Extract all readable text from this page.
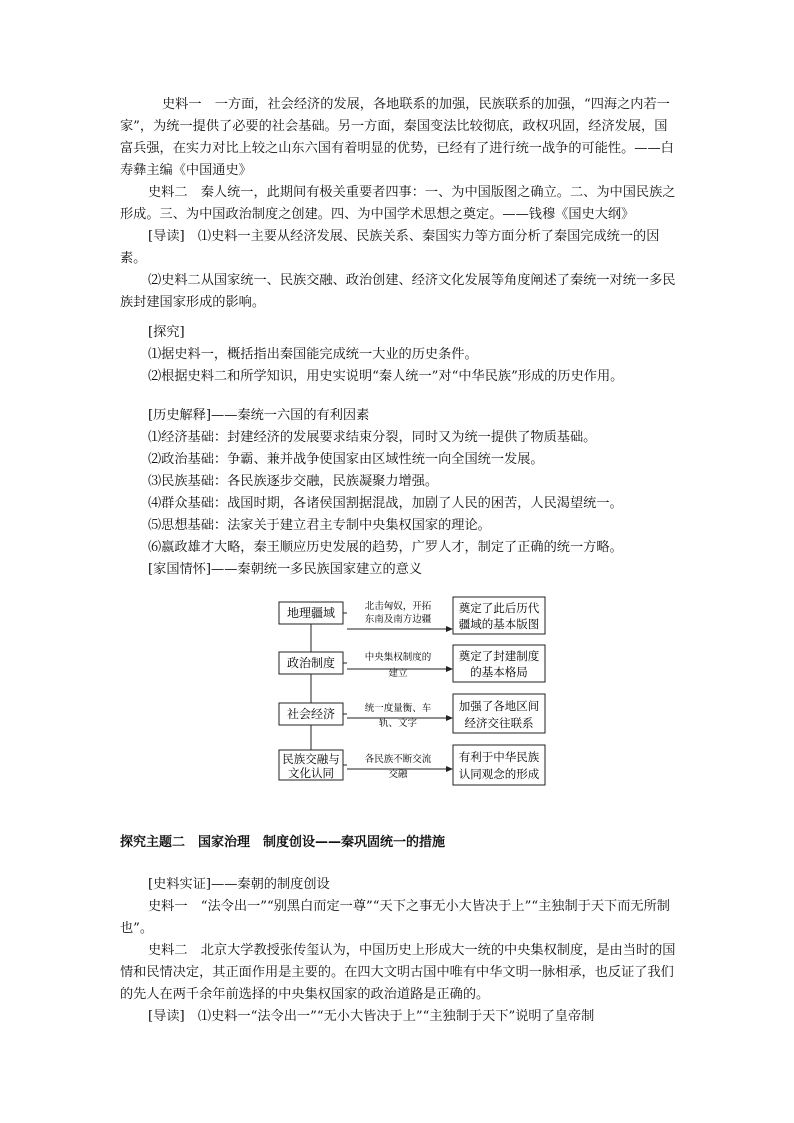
史料一　一方面，社会经济的发展，各地联系的加强，民族联系的加强，“四海之内若一家”，为统一提供了必要的社会基础。另一方面，秦国变法比较彻底，政权巩固，经济发展，国富兵强，在实力对比上较之山东六国有着明显的优势，已经有了进行统一战争的可能性。——白寿彝主编《中国通史》

史料二　秦人统一，此期间有极关重要者四事：一、为中国版图之确立。二、为中国民族之形成。三、为中国政治制度之创建。四、为中国学术思想之奠定。——钱穆《国史大纲》

[导读]　⑴史料一主要从经济发展、民族关系、秦国实力等方面分析了秦国完成统一的因素。

⑵史料二从国家统一、民族交融、政治创建、经济文化发展等角度阐述了秦统一对统一多民族封建国家形成的影响。

[探究]

⑴据史料一，概括指出秦国能完成统一大业的历史条件。

⑵根据史料二和所学知识，用史实说明“秦人统一”对“中华民族”形成的历史作用。

[历史解释]——秦统一六国的有利因素

⑴经济基础：封建经济的发展要求结束分裂，同时又为统一提供了物质基础。

⑵政治基础：争霸、兼并战争使国家由区域性统一向全国统一发展。

⑶民族基础：各民族逐步交融，民族凝聚力增强。

⑷群众基础：战国时期，各诸侯国割据混战，加剧了人民的困苦，人民渴望统一。

⑸思想基础：法家关于建立君主专制中央集权国家的理论。

⑹嬴政雄才大略，秦王顺应历史发展的趋势，广罗人才，制定了正确的统一方略。

[家国情怀]——秦朝统一多民族国家建立的意义

地理疆域	北击匈奴，开拓
东南及南方边疆
奠定了此后历代
疆域的基本版图
政治制度	中央集权制度的
建立
奠定了封建制度
的基本格局
社会经济	统一度量衡、车
轨、文字
加强了各地区间
经济交往联系
民族交融与
文化认同
各民族不断交流
交融
有利于中华民族
认同观念的形成
探究主题二　国家治理　制度创设——秦巩固统一的措施

[史料实证]——秦朝的制度创设

史料一　“法令出一”“别黑白而定一尊”“天下之事无小大皆决于上”“主独制于天下而无所制也”。

史料二　北京大学教授张传玺认为，中国历史上形成大一统的中央集权制度，是由当时的国情和民情决定，其正面作用是主要的。在四大文明古国中唯有中华文明一脉相承，也反证了我们的先人在两千余年前选择的中央集权国家的政治道路是正确的。

[导读]　⑴史料一“法令出一”“无小大皆决于上”“主独制于天下”说明了皇帝制
